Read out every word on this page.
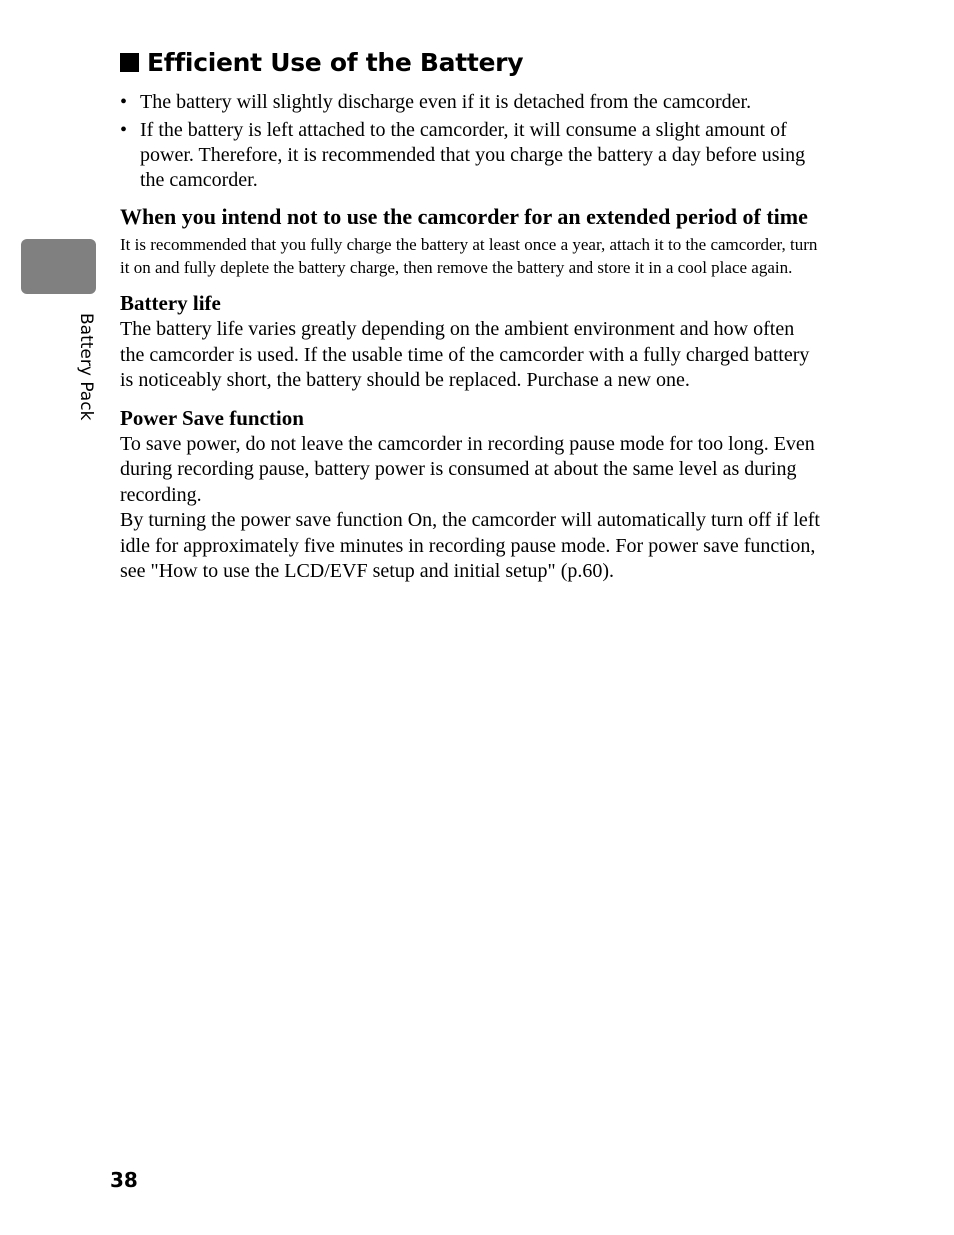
Battery Pack
Efficient Use of the Battery
• The battery will slightly discharge even if it is detached from the camcorder.
• If the battery is left attached to the camcorder, it will consume a slight amount of power. Therefore, it is recommended that you charge the battery a day before using the camcorder.
When you intend not to use the camcorder for an extended period of time

It is recommended that you fully charge the battery at least once a year, attach it to the camcorder, turn it on and fully deplete the battery charge, then remove the battery and store it in a cool place again.

Battery life

The battery life varies greatly depending on the ambient environment and how often the camcorder is used. If the usable time of the camcorder with a fully charged battery is noticeably short, the battery should be replaced. Purchase a new one.

Power Save function

To save power, do not leave the camcorder in recording pause mode for too long. Even during recording pause, battery power is consumed at about the same level as during recording.

By turning the power save function On, the camcorder will automatically turn off if left idle for approximately five minutes in recording pause mode. For power save function, see "How to use the LCD/EVF setup and initial setup" (p.60).

38
